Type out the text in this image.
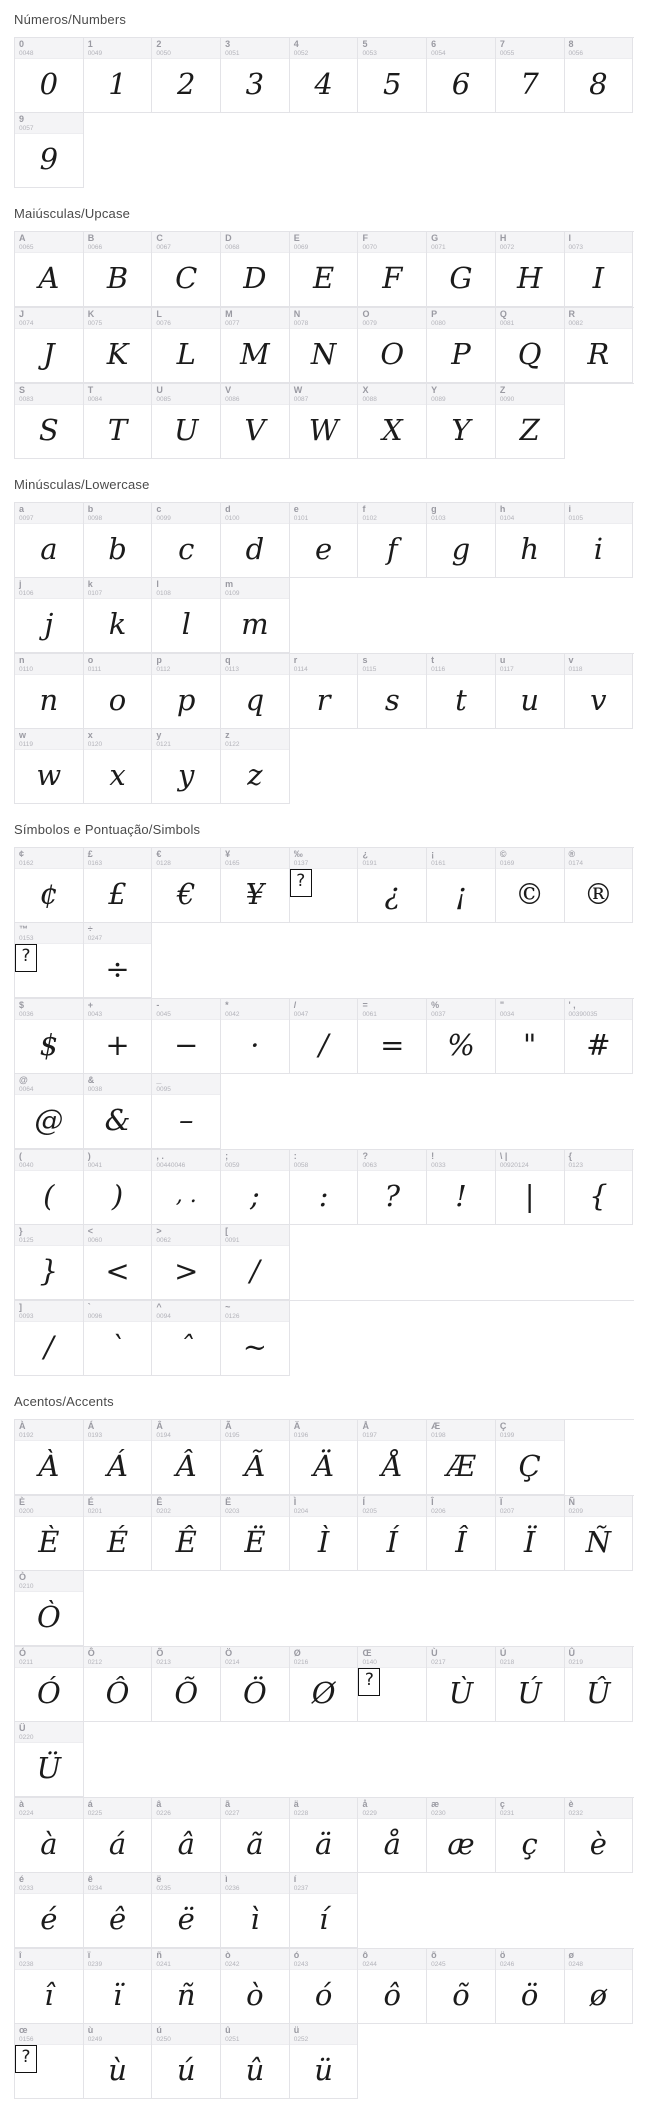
Números/Numbers
0
0048
0
1
0049
1
2
0050
2
3
0051
3
4
0052
4
5
0053
5
6
0054
6
7
0055
7
8
0056
8
9
0057
9
Maiúsculas/Upcase
A
0065
A
B
0066
B
C
0067
C
D
0068
D
E
0069
E
F
0070
F
G
0071
G
H
0072
H
I
0073
I
J
0074
J
K
0075
K
L
0076
L
M
0077
M
N
0078
N
O
0079
O
P
0080
P
Q
0081
Q
R
0082
R
S
0083
S
T
0084
T
U
0085
U
V
0086
V
W
0087
W
X
0088
X
Y
0089
Y
Z
0090
Z
Minúsculas/Lowercase
a
0097
a
b
0098
b
c
0099
c
d
0100
d
e
0101
e
f
0102
f
g
0103
g
h
0104
h
i
0105
i
j
0106
j
k
0107
k
l
0108
l
m
0109
m
n
0110
n
o
0111
o
p
0112
p
q
0113
q
r
0114
r
s
0115
s
t
0116
t
u
0117
u
v
0118
v
w
0119
w
x
0120
x
y
0121
y
z
0122
z
Símbolos e Pontuação/Simbols
¢
0162
¢
£
0163
£
€
0128
€
¥
0165
¥
‰
0137
?
¿
0191
¿
¡
0161
¡
©
0169
©
®
0174
®
™
0153
?
÷
0247
÷
$
0036
$
+
0043
+
-
0045
−
*
0042
·
/
0047
/
=
0061
=
%
0037
%
"
0034
"
' ,
00390035
#
@
0064
@
&
0038
&
_
0095
–
(
0040
(
)
0041
)
, .
00440046
, .
;
0059
;
:
0058
:
?
0063
?
!
0033
!
\ |
00920124
|
{
0123
{
}
0125
}
<
0060
<
>
0062
>
[
0091
/
]
0093
/
`
0096
`
^
0094
ˆ
~
0126
~
Acentos/Accents
À
0192
À
Á
0193
Á
Â
0194
Â
Ã
0195
Ã
Ä
0196
Ä
Å
0197
Å
Æ
0198
Æ
Ç
0199
Ç
È
0200
È
É
0201
É
Ê
0202
Ê
Ë
0203
Ë
Ì
0204
Ì
Í
0205
Í
Î
0206
Î
Ï
0207
Ï
Ñ
0209
Ñ
Ò
0210
Ò
Ó
0211
Ó
Ô
0212
Ô
Õ
0213
Õ
Ö
0214
Ö
Ø
0216
Ø
Œ
0140
?
Ù
0217
Ù
Ú
0218
Ú
Û
0219
Û
Ü
0220
Ü
à
0224
à
á
0225
á
â
0226
â
ã
0227
ã
ä
0228
ä
å
0229
å
æ
0230
æ
ç
0231
ç
è
0232
è
é
0233
é
ê
0234
ê
ë
0235
ë
ì
0236
ì
í
0237
í
î
0238
î
ï
0239
ï
ñ
0241
ñ
ò
0242
ò
ó
0243
ó
ô
0244
ô
õ
0245
õ
ö
0246
ö
ø
0248
ø
œ
0156
?
ù
0249
ù
ú
0250
ú
û
0251
û
ü
0252
ü
